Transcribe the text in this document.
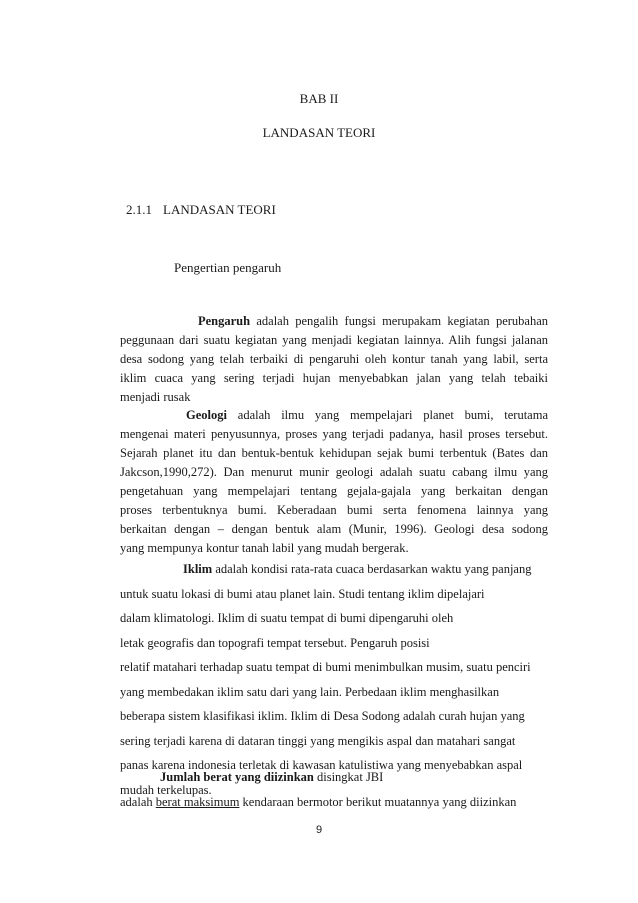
BAB II
LANDASAN TEORI
2.1.1 LANDASAN TEORI
Pengertian pengaruh
Pengaruh adalah pengalih fungsi merupakam kegiatan perubahan
peggunaan dari suatu kegiatan yang menjadi kegiatan lainnya. Alih fungsi jalanan
desa sodong yang telah terbaiki di pengaruhi oleh kontur tanah yang labil, serta
iklim cuaca yang sering terjadi hujan menyebabkan jalan yang telah tebaiki
menjadi rusak
Geologi adalah ilmu yang mempelajari planet bumi, terutama
mengenai materi penyusunnya, proses yang terjadi padanya, hasil proses tersebut.
Sejarah planet itu dan bentuk-bentuk kehidupan sejak bumi terbentuk (Bates dan
Jakcson,1990,272). Dan menurut munir geologi adalah suatu cabang ilmu yang
pengetahuan yang mempelajari tentang gejala-gajala yang berkaitan dengan
proses terbentuknya bumi. Keberadaan bumi serta fenomena lainnya yang
berkaitan dengan – dengan bentuk alam (Munir, 1996). Geologi desa sodong
yang mempunya kontur tanah labil yang mudah bergerak.
Iklim adalah kondisi rata-rata cuaca berdasarkan waktu yang panjang
untuk suatu lokasi di bumi atau planet lain. Studi tentang iklim dipelajari
dalam klimatologi. Iklim di suatu tempat di bumi dipengaruhi oleh
letak geografis dan topografi tempat tersebut. Pengaruh posisi
relatif matahari terhadap suatu tempat di bumi menimbulkan musim, suatu penciri
yang membedakan iklim satu dari yang lain. Perbedaan iklim menghasilkan
beberapa sistem klasifikasi iklim. Iklim di Desa Sodong adalah curah hujan yang
sering terjadi karena di dataran tinggi yang mengikis aspal dan matahari sangat
panas karena indonesia terletak di kawasan katulistiwa yang menyebabkan aspal
mudah terkelupas.
Jumlah berat yang diizinkan disingkat JBI
adalah berat maksimum kendaraan bermotor berikut muatannya yang diizinkan
9
